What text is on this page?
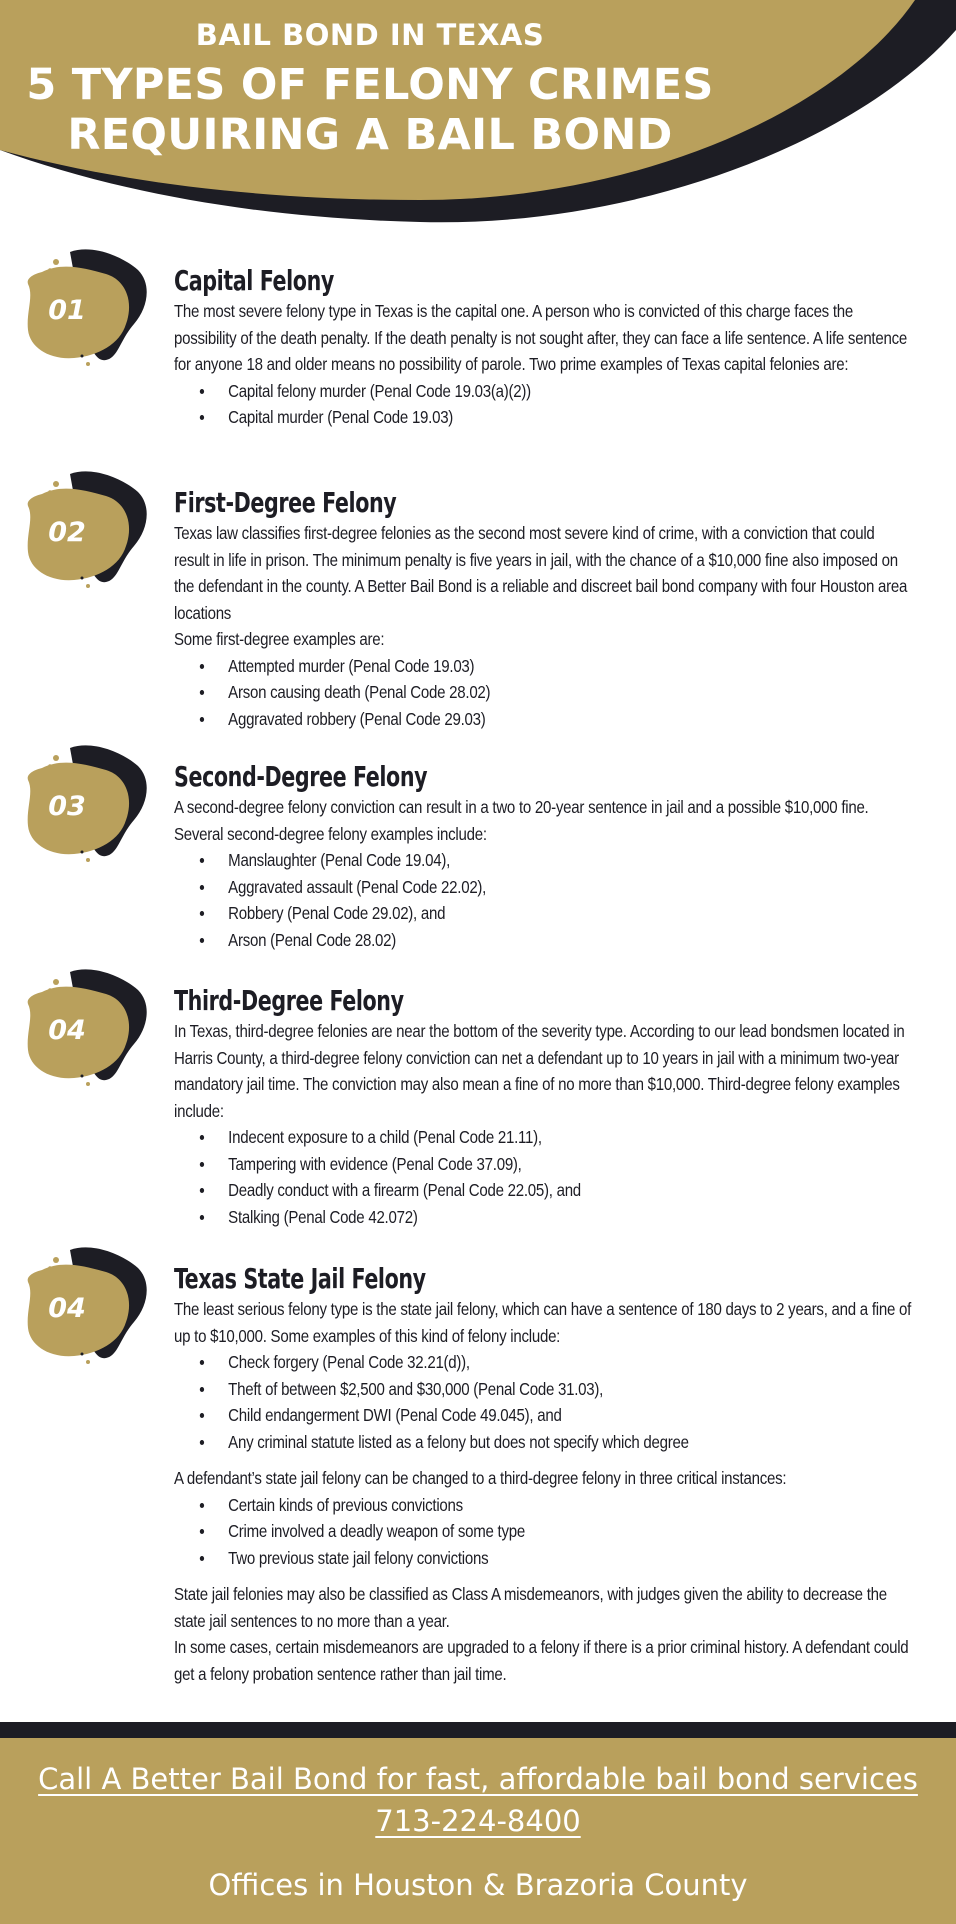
BAIL BOND IN TEXAS
5 TYPES OF FELONY CRIMES
REQUIRING A BAIL BOND
01
Capital Felony

The most severe felony type in Texas is the capital one. A person who is convicted of this charge faces the possibility of the death penalty. If the death penalty is not sought after, they can face a life sentence. A life sentence for anyone 18 and older means no possibility of parole. Two prime examples of Texas capital felonies are:

Capital felony murder (Penal Code 19.03(a)(2))
Capital murder (Penal Code 19.03)
02
First-Degree Felony

Texas law classifies first-degree felonies as the second most severe kind of crime, with a conviction that could result in life in prison. The minimum penalty is five years in jail, with the chance of a $10,000 fine also imposed on the defendant in the county. A Better Bail Bond is a reliable and discreet bail bond company with four Houston area locations

Some first-degree examples are:

Attempted murder (Penal Code 19.03)
Arson causing death (Penal Code 28.02)
Aggravated robbery (Penal Code 29.03)
03
Second-Degree Felony

A second-degree felony conviction can result in a two to 20-year sentence in jail and a possible $10,000 fine. Several second-degree felony examples include:

Manslaughter (Penal Code 19.04),
Aggravated assault (Penal Code 22.02),
Robbery (Penal Code 29.02), and
Arson (Penal Code 28.02)
04
Third-Degree Felony

In Texas, third-degree felonies are near the bottom of the severity type. According to our lead bondsmen located in Harris County, a third-degree felony conviction can net a defendant up to 10 years in jail with a minimum two-year mandatory jail time. The conviction may also mean a fine of no more than $10,000. Third-degree felony examples include:

Indecent exposure to a child (Penal Code 21.11),
Tampering with evidence (Penal Code 37.09),
Deadly conduct with a firearm (Penal Code 22.05), and
Stalking (Penal Code 42.072)
04
Texas State Jail Felony

The least serious felony type is the state jail felony, which can have a sentence of 180 days to 2 years, and a fine of up to $10,000. Some examples of this kind of felony include:

Check forgery (Penal Code 32.21(d)),
Theft of between $2,500 and $30,000 (Penal Code 31.03),
Child endangerment DWI (Penal Code 49.045), and
Any criminal statute listed as a felony but does not specify which degree

A defendant’s state jail felony can be changed to a third-degree felony in three critical instances:

Certain kinds of previous convictions
Crime involved a deadly weapon of some type
Two previous state jail felony convictions

State jail felonies may also be classified as Class A misdemeanors, with judges given the ability to decrease the state jail sentences to no more than a year.

In some cases, certain misdemeanors are upgraded to a felony if there is a prior criminal history. A defendant could get a felony probation sentence rather than jail time.

Call A Better Bail Bond for fast, affordable bail bond services
713-224-8400
Offices in Houston & Brazoria County
